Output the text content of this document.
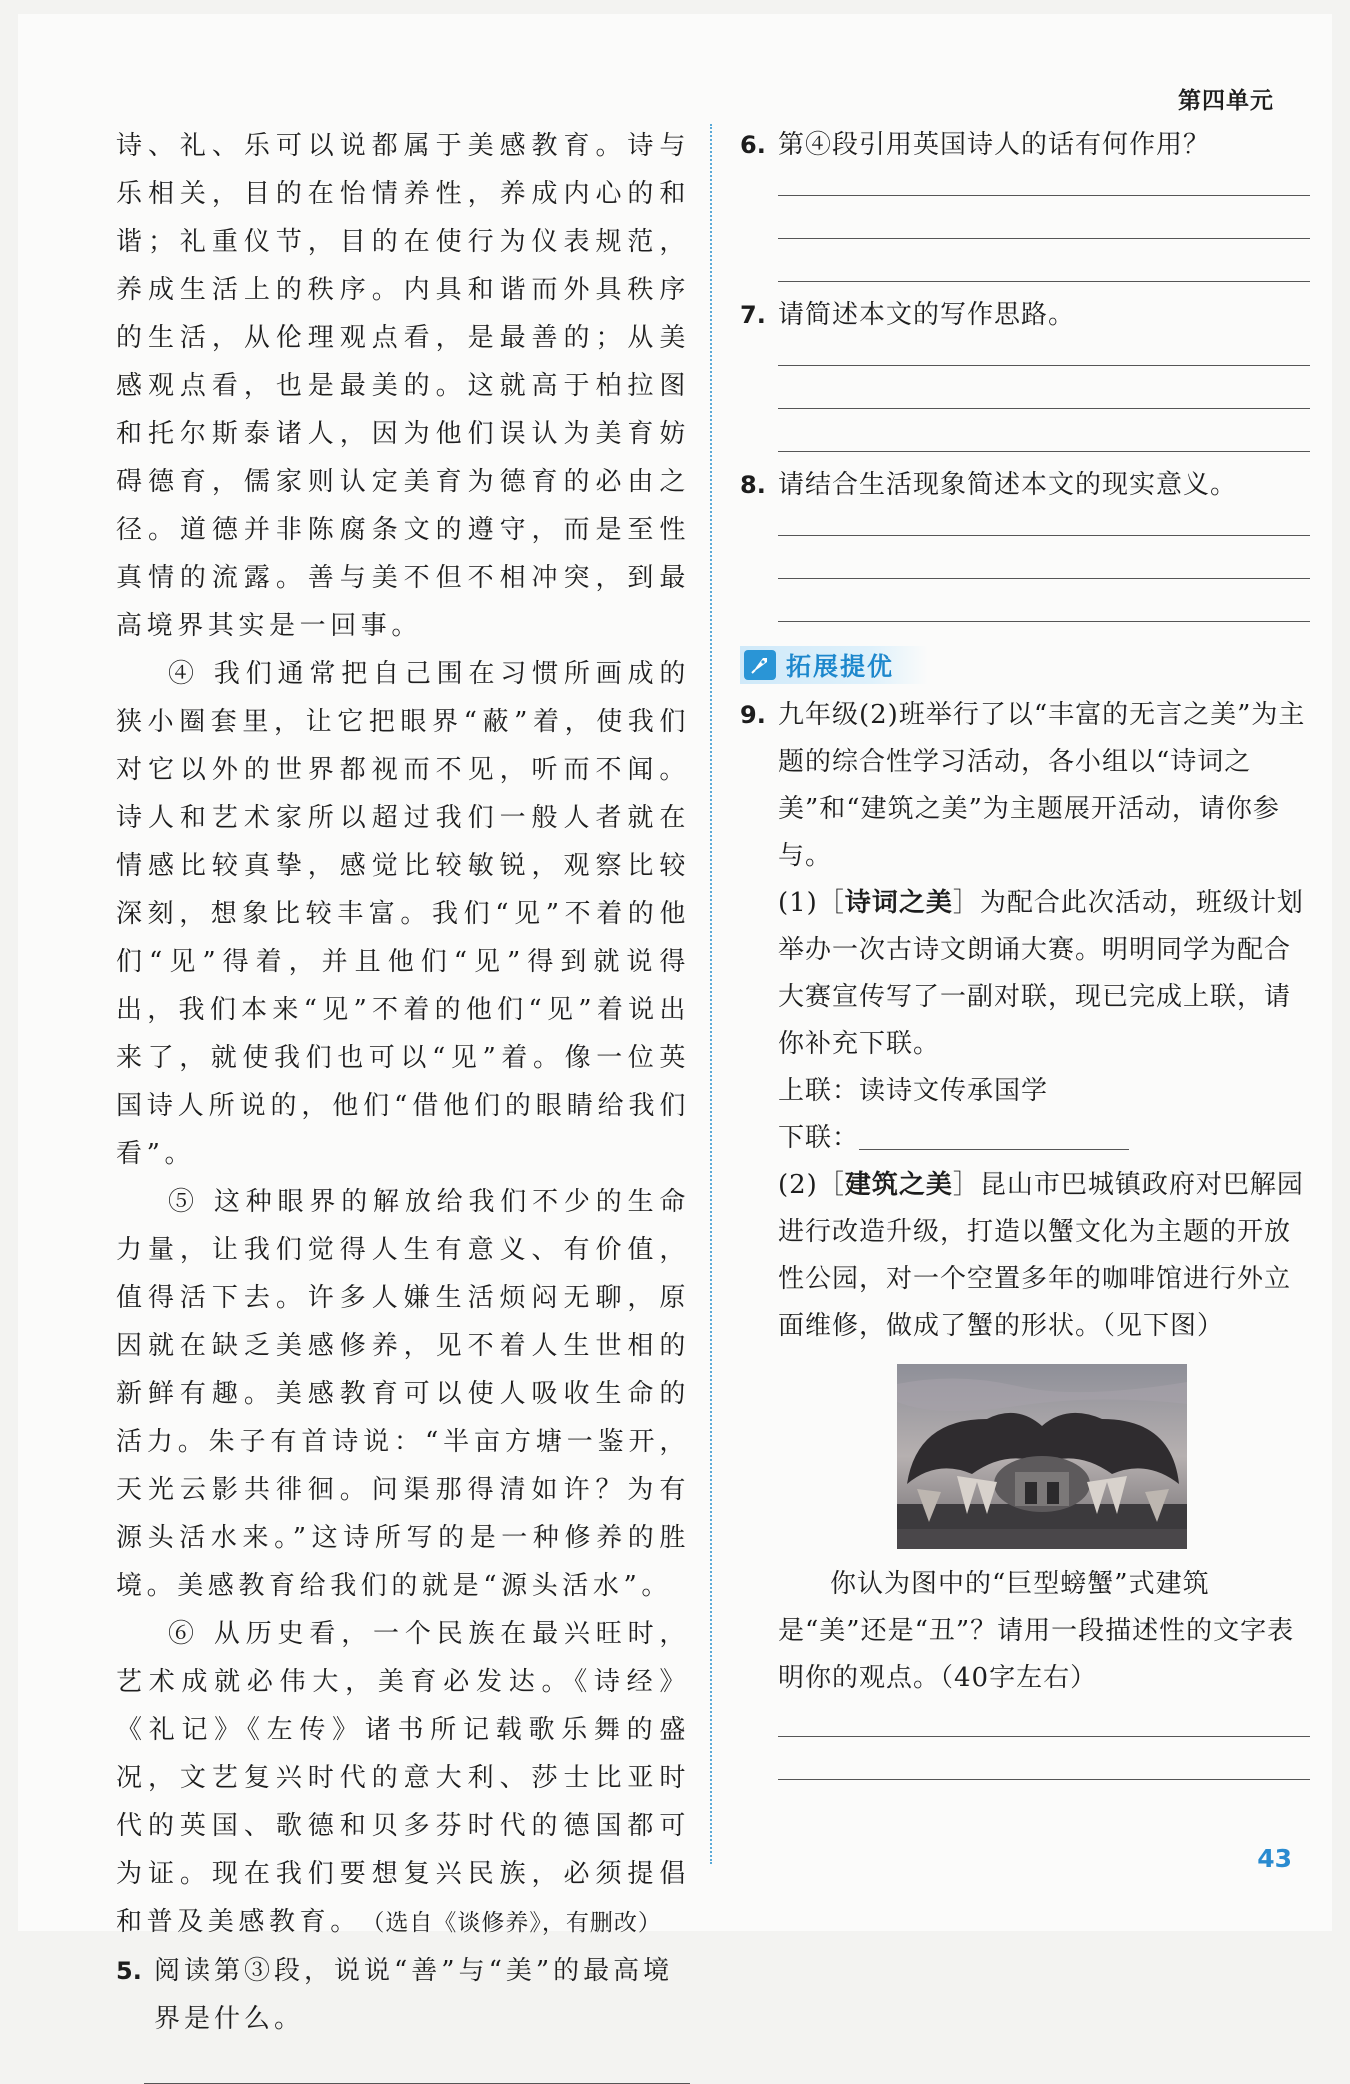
第四单元

诗、礼、乐可以说都属于美感教育。诗与乐相关，目的在怡情养性，养成内心的和谐；礼重仪节，目的在使行为仪表规范，养成生活上的秩序。内具和谐而外具秩序的生活，从伦理观点看，是最善的；从美感观点看，也是最美的。这就高于柏拉图和托尔斯泰诸人，因为他们误认为美育妨碍德育，儒家则认定美育为德育的必由之径。道德并非陈腐条文的遵守，而是至性真情的流露。善与美不但不相冲突，到最高境界其实是一回事。

④ 我们通常把自己围在习惯所画成的狭小圈套里，让它把眼界“蔽”着，使我们对它以外的世界都视而不见，听而不闻。诗人和艺术家所以超过我们一般人者就在情感比较真挚，感觉比较敏锐，观察比较深刻，想象比较丰富。我们“见”不着的他们“见”得着，并且他们“见”得到就说得出，我们本来“见”不着的他们“见”着说出来了，就使我们也可以“见”着。像一位英国诗人所说的，他们“借他们的眼睛给我们看”。

⑤ 这种眼界的解放给我们不少的生命力量，让我们觉得人生有意义、有价值，值得活下去。许多人嫌生活烦闷无聊，原因就在缺乏美感修养，见不着人生世相的新鲜有趣。美感教育可以使人吸收生命的活力。朱子有首诗说：“半亩方塘一鉴开，天光云影共徘徊。问渠那得清如许？为有源头活水来。”这诗所写的是一种修养的胜境。美感教育给我们的就是“源头活水”。

⑥ 从历史看，一个民族在最兴旺时，艺术成就必伟大，美育必发达。《诗经》《礼记》《左传》诸书所记载歌乐舞的盛况，文艺复兴时代的意大利、莎士比亚时代的英国、歌德和贝多芬时代的德国都可为证。现在我们要想复兴民族，必须提倡和普及美感教育。 （选自《谈修养》，有删改）

5. 阅读第③段，说说“善”与“美”的最高境界是什么。
6. 第④段引用英国诗人的话有何作用？
7. 请简述本文的写作思路。
8. 请结合生活现象简述本文的现实意义。
拓展提优
9. 九年级(2)班举行了以“丰富的无言之美”为主题的综合性学习活动，各小组以“诗词之美”和“建筑之美”为主题展开活动，请你参与。
(1)［诗词之美］为配合此次活动，班级计划举办一次古诗文朗诵大赛。明明同学为配合大赛宣传写了一副对联，现已完成上联，请你补充下联。
上联：读诗文传承国学
下联：
(2)［建筑之美］昆山市巴城镇政府对巴解园进行改造升级，打造以蟹文化为主题的开放性公园，对一个空置多年的咖啡馆进行外立面维修，做成了蟹的形状。（见下图）
你认为图中的“巨型螃蟹”式建筑是“美”还是“丑”？请用一段描述性的文字表明你的观点。（40字左右）
43
